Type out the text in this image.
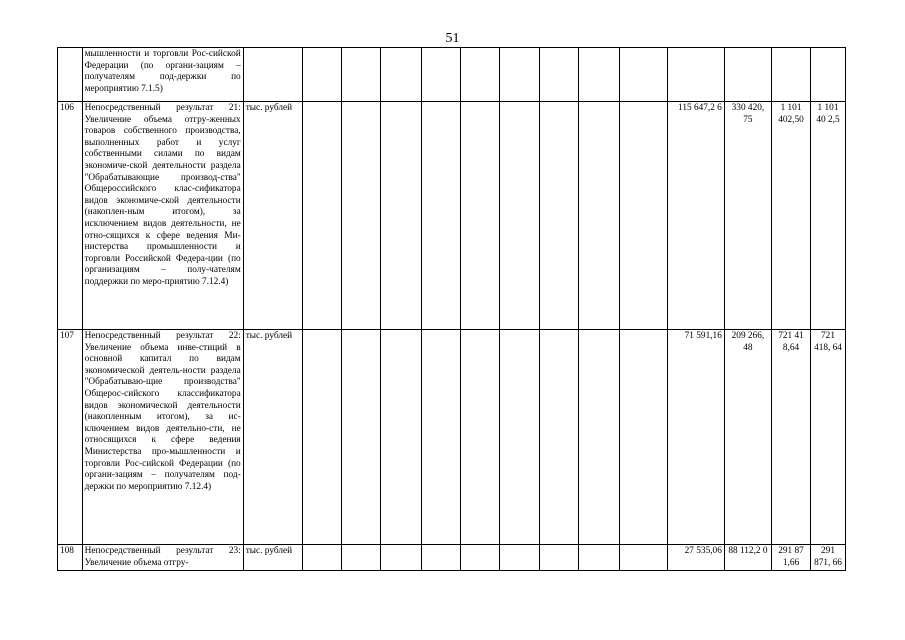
51
	мышленности и торговли Рос-сийской Федерации (по органи-зациям – получателям под-держки по мероприятию 7.1.5)														
106	Непосредственный результат 21: Увеличение объема отгру-женных товаров собственного производства, выполненных работ и услуг собственными силами по видам экономиче-ской деятельности раздела "Обрабатывающие производ-ства" Общероссийского клас-сификатора видов экономиче-ской деятельности (накоплен-ным итогом), за исключением видов деятельности, не отно-сящихся к сфере ведения Ми-нистерства промышленности и торговли Российской Федера-ции (по организациям – полу-чателям поддержки по меро-приятию 7.12.4)	тыс. рублей										115 647,2 6	330 420, 75	1 101 402,50	1 101 40 2,5
107	Непосредственный результат 22: Увеличение объема инве-стиций в основной капитал по видам экономической деятель-ности раздела "Обрабатываю-щие производства" Общерос-сийского классификатора видов экономической деятельности (накопленным итогом), за ис-ключением видов деятельно-сти, не относящихся к сфере ведения Министерства про-мышленности и торговли Рос-сийской Федерации (по органи-зациям – получателям под-держки по мероприятию 7.12.4)	тыс. рублей										71 591,16	209 266, 48	721 41 8,64	721 418, 64
108	Непосредственный результат 23: Увеличение объема отгру-	тыс. рублей										27 535,06	88 112,2 0	291 87 1,66	291 871, 66
